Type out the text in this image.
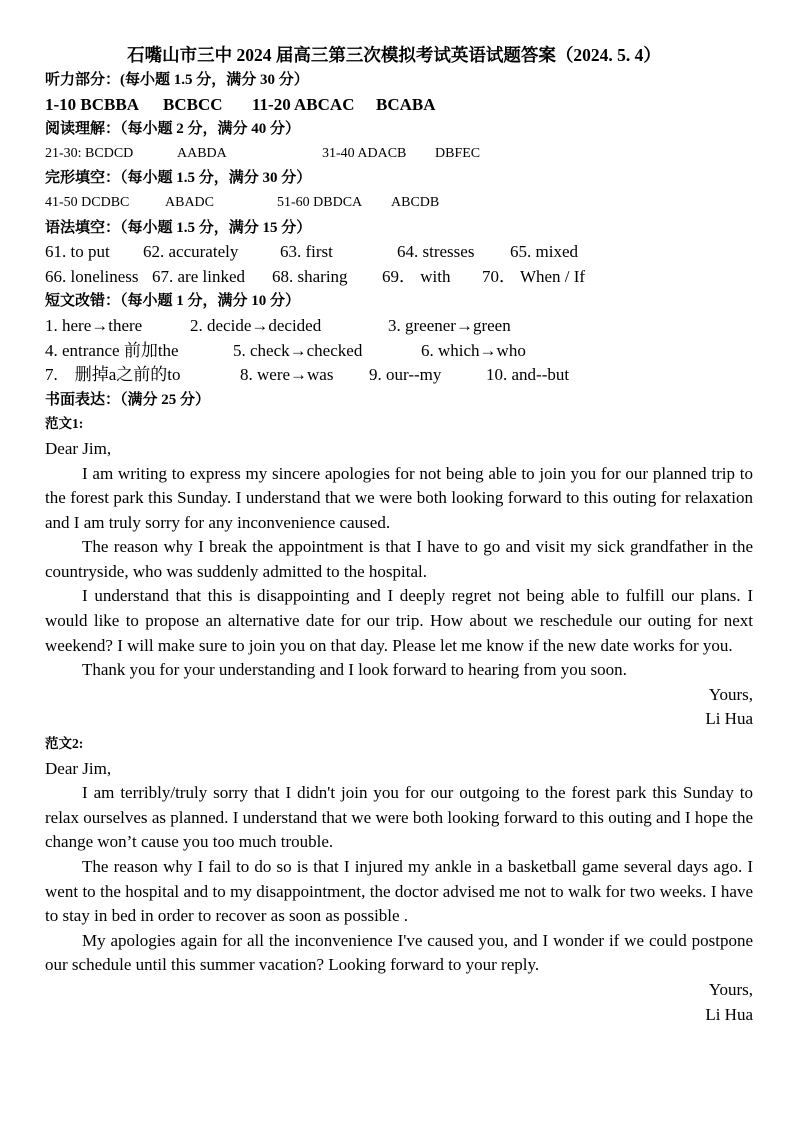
石嘴山市三中 2024 届高三第三次模拟考试英语试题答案（2024. 5. 4）
听力部分：(每小题 1.5 分，满分 30 分）
1-10 BCBBA BCBCC 11-20 ABCAC BCABA
阅读理解：（每小题 2 分，满分 40 分）
21-30: BCDCD	AABDA	31-40 ADACB DBFEC
完形填空：（每小题 1.5 分，满分 30 分）
41-50 DCDBC	ABADC	51-60 DBDCA ABCDB
语法填空：（每小题 1.5 分，满分 15 分）
61. to put 62. accurately 63. first	64. stresses 65. mixed
66. loneliness 67. are linked 68. sharing 69． with 70． When / If
短文改错：（每小题 1 分，满分 10 分）
1. here→there	2. decide→decided	3. greener→green
4. entrance 前加the	5. check→checked	6. which→who
7.    删掉a之前的to	8. were→was 9. our--my	10. and--but
书面表达：（满分 25 分）
范文1:
Dear Jim,

I am writing to express my sincere apologies for not being able to join you for our planned trip to the forest park this Sunday. I understand that we were both looking forward to this outing for relaxation and I am truly sorry for any inconvenience caused.

The reason why I break the appointment is that I have to go and visit my sick grandfather in the countryside, who was suddenly admitted to the hospital.

I understand that this is disappointing and I deeply regret not being able to fulfill our plans. I would like to propose an alternative date for our trip. How about we reschedule our outing for next weekend? I will make sure to join you on that day. Please let me know if the new date works for you.

Thank you for your understanding and I look forward to hearing from you soon.

Yours,
Li Hua
范文2:
Dear Jim,

I am terribly/truly sorry that I didn't join you for our outgoing to the forest park this Sunday to relax ourselves as planned. I understand that we were both looking forward to this outing and I hope the change won’t cause you too much trouble.

The reason why I fail to do so is that I injured my ankle in a basketball game several days ago. I went to the hospital and to my disappointment, the doctor advised me not to walk for two weeks. I have to stay in bed in order to recover as soon as possible .

My apologies again for all the inconvenience I've caused you, and I wonder if we could postpone our schedule until this summer vacation? Looking forward to your reply.

Yours,
Li Hua
